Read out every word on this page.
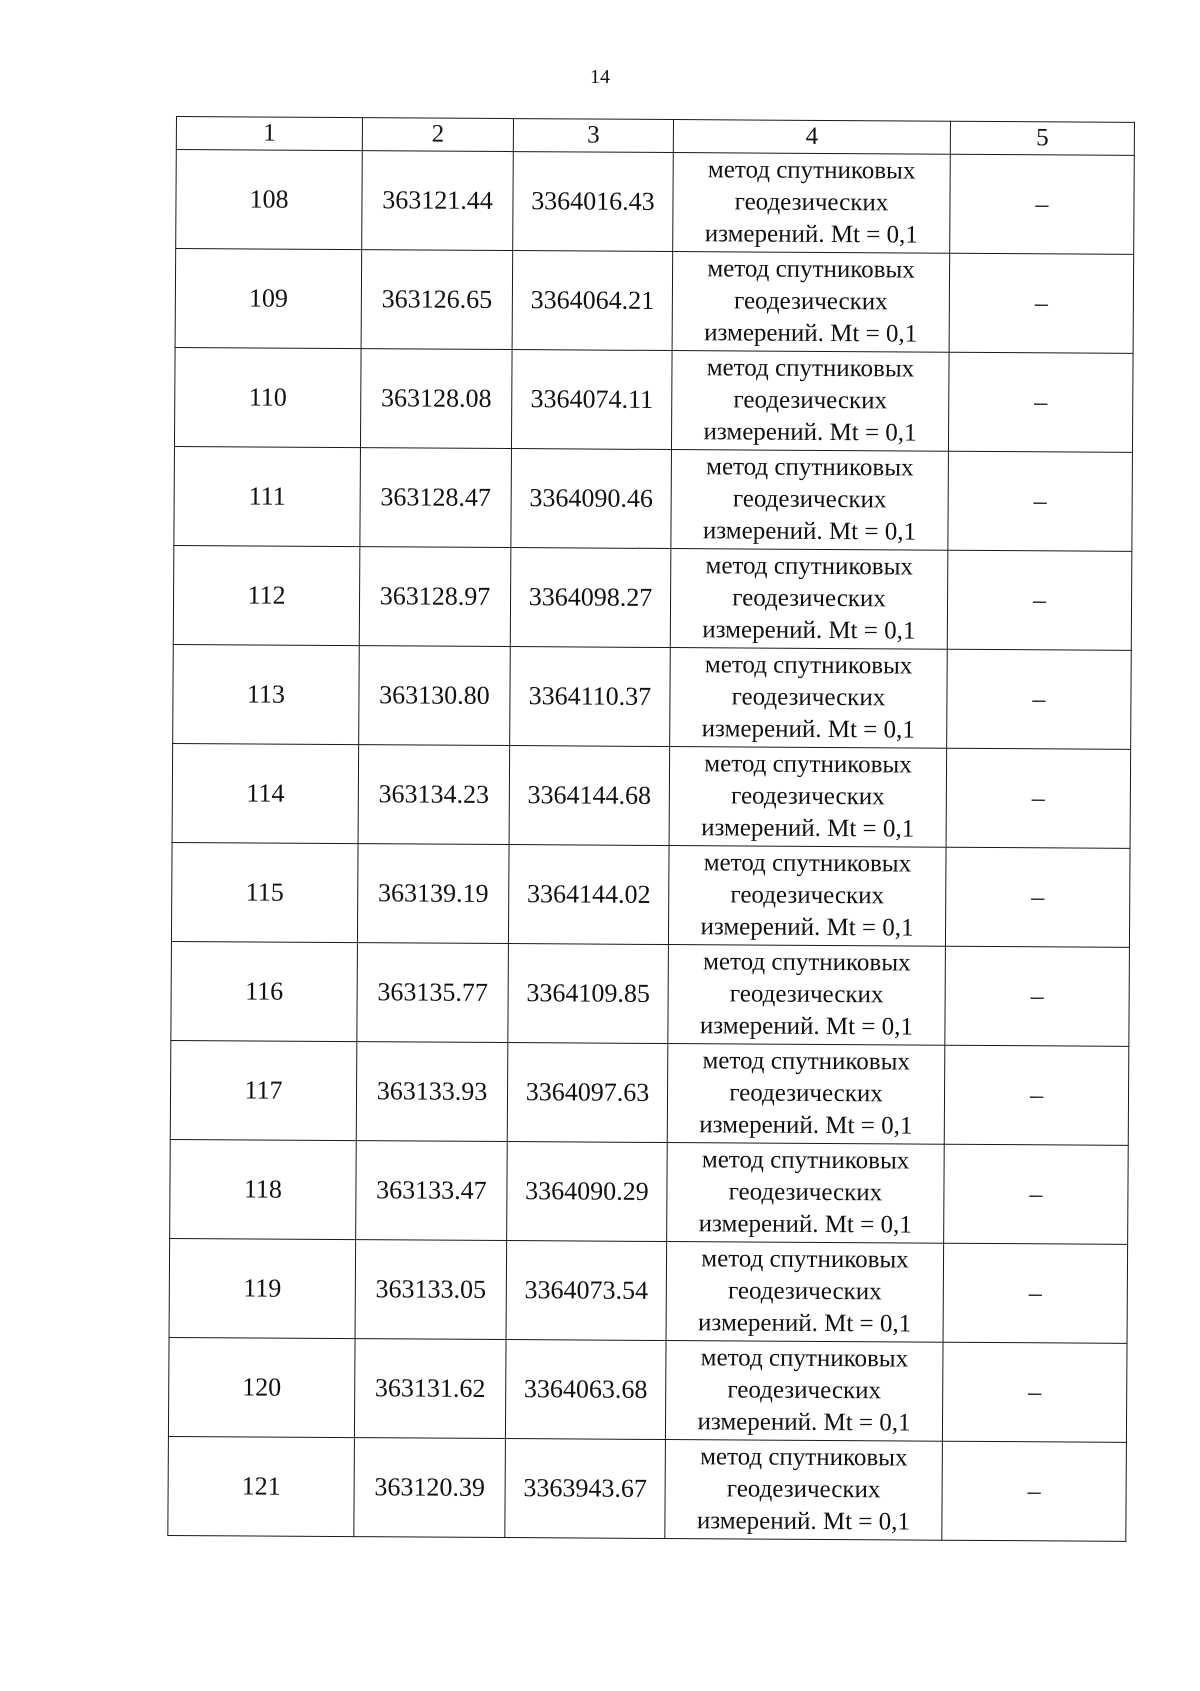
14
1	2	3	4	5
108	363121.44	3364016.43	метод спутниковых
геодезических
измерений. Mt = 0,1	–
109	363126.65	3364064.21	метод спутниковых
геодезических
измерений. Mt = 0,1	–
110	363128.08	3364074.11	метод спутниковых
геодезических
измерений. Mt = 0,1	–
111	363128.47	3364090.46	метод спутниковых
геодезических
измерений. Mt = 0,1	–
112	363128.97	3364098.27	метод спутниковых
геодезических
измерений. Mt = 0,1	–
113	363130.80	3364110.37	метод спутниковых
геодезических
измерений. Mt = 0,1	–
114	363134.23	3364144.68	метод спутниковых
геодезических
измерений. Mt = 0,1	–
115	363139.19	3364144.02	метод спутниковых
геодезических
измерений. Mt = 0,1	–
116	363135.77	3364109.85	метод спутниковых
геодезических
измерений. Mt = 0,1	–
117	363133.93	3364097.63	метод спутниковых
геодезических
измерений. Mt = 0,1	–
118	363133.47	3364090.29	метод спутниковых
геодезических
измерений. Mt = 0,1	–
119	363133.05	3364073.54	метод спутниковых
геодезических
измерений. Mt = 0,1	–
120	363131.62	3364063.68	метод спутниковых
геодезических
измерений. Mt = 0,1	–
121	363120.39	3363943.67	метод спутниковых
геодезических
измерений. Mt = 0,1	–
